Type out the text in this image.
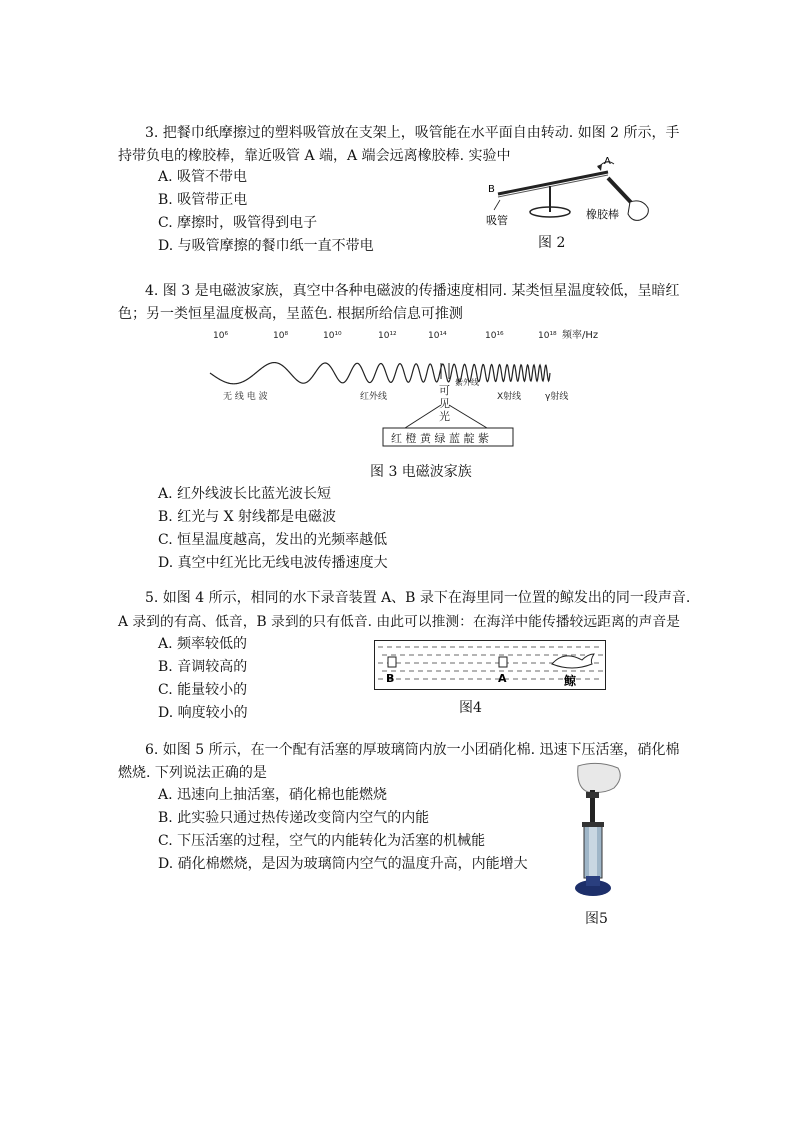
3. 把餐巾纸摩擦过的塑料吸管放在支架上，吸管能在水平面自由转动. 如图 2 所示，手
持带负电的橡胶棒，靠近吸管 A 端，A 端会远离橡胶棒. 实验中
A. 吸管不带电
B. 吸管带正电
C. 摩擦时，吸管得到电子
D. 与吸管摩擦的餐巾纸一直不带电
A
B
吸管	橡胶棒
图 2
4. 图 3 是电磁波家族，真空中各种电磁波的传播速度相同. 某类恒星温度较低，呈暗红
色；另一类恒星温度极高，呈蓝色. 根据所给信息可推测
10⁶	10⁸	10¹⁰	10¹²	10¹⁴	10¹⁶	10¹⁸ 频率/Hz
无 线 电 波	红外线
紫外线
X射线	γ射线
可
见
光
红 橙 黄 绿 蓝 靛 紫
图 3 电磁波家族
A. 红外线波长比蓝光波长短
B. 红光与 X 射线都是电磁波
C. 恒星温度越高，发出的光频率越低
D. 真空中红光比无线电波传播速度大
5. 如图 4 所示，相同的水下录音装置 A、B 录下在海里同一位置的鲸发出的同一段声音.
A 录到的有高、低音，B 录到的只有低音. 由此可以推测：在海洋中能传播较远距离的声音是
A. 频率较低的
B. 音调较高的
C. 能量较小的
D. 响度较小的
B	A	鲸
图4
6. 如图 5 所示，在一个配有活塞的厚玻璃筒内放一小团硝化棉. 迅速下压活塞，硝化棉
燃烧. 下列说法正确的是
A. 迅速向上抽活塞，硝化棉也能燃烧
B. 此实验只通过热传递改变筒内空气的内能
C. 下压活塞的过程，空气的内能转化为活塞的机械能
D. 硝化棉燃烧，是因为玻璃筒内空气的温度升高，内能增大
图5
